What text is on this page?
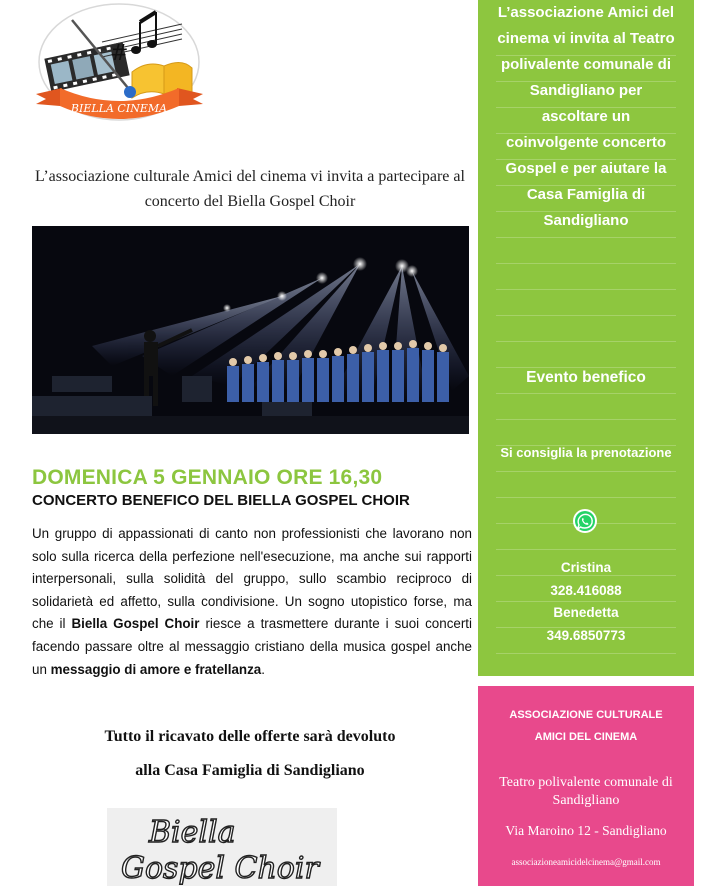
#
BIELLA CINEMA

L’associazione culturale Amici del cinema vi invita a partecipare al concerto del Biella Gospel Choir

DOMENICA 5 GENNAIO ORE 16,30
CONCERTO BENEFICO DEL BIELLA GOSPEL CHOIR

Un gruppo di appassionati di canto non professionisti che lavorano non solo sulla ricerca della perfezione nell'esecuzione, ma anche sui rapporti interpersonali, sulla solidità del gruppo, sullo scambio reciproco di solidarietà ed affetto, sulla condivisione. Un sogno utopistico forse, ma che il Biella Gospel Choir riesce a trasmettere durante i suoi concerti facendo passare oltre al messaggio cristiano della musica gospel anche un messaggio di amore e fratellanza.

Tutto il ricavato delle offerte sarà devoluto
alla Casa Famiglia di Sandigliano
Biella
Gospel Choir
L’associazione Amici del cinema vi invita al Teatro polivalente comunale di Sandigliano per ascoltare un coinvolgente concerto Gospel e per aiutare la Casa Famiglia di Sandigliano
Evento benefico
Si consiglia la prenotazione
Cristina
328.416088
Benedetta
349.6850773
ASSOCIAZIONE CULTURALE
AMICI DEL CINEMA
Teatro polivalente comunale di Sandigliano
Via Maroino 12 - Sandigliano
associazioneamicidelcinema@gmail.com
